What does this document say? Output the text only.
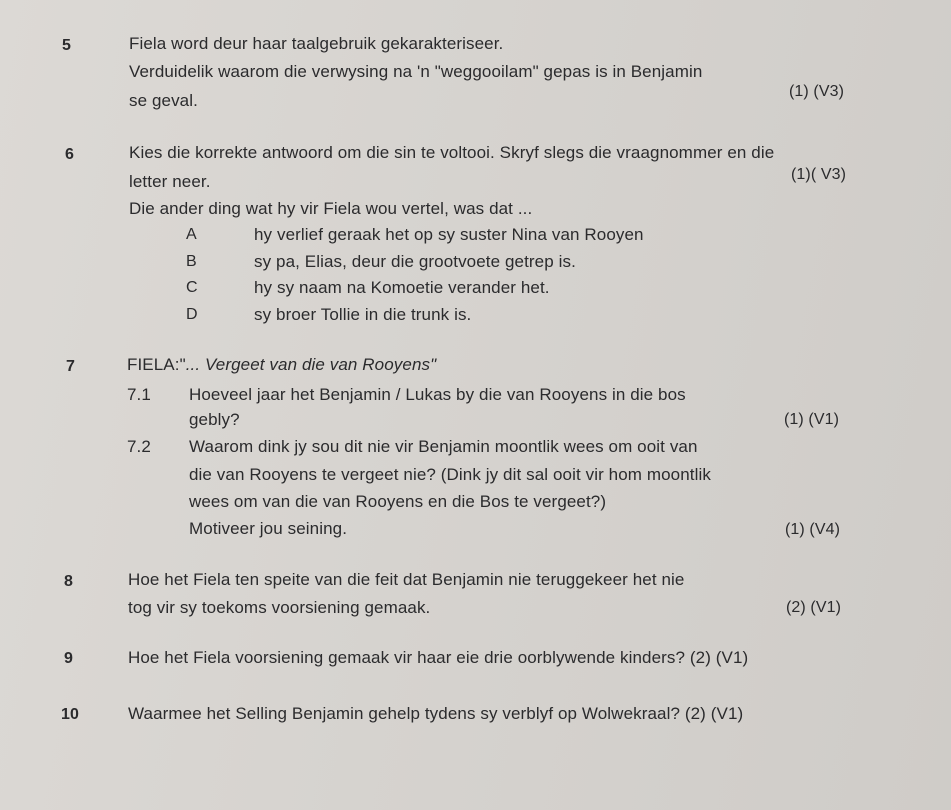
5	Fiela word deur haar taalgebruik gekarakteriseer.
Verduidelik waarom die verwysing na 'n "weggooilam" gepas is in Benjamin
se geval.	(1) (V3)
6	Kies die korrekte antwoord om die sin te voltooi. Skryf slegs die vraagnommer en die
letter neer.	(1)( V3)
Die ander ding wat hy vir Fiela wou vertel, was dat ...
A	hy verlief geraak het op sy suster Nina van Rooyen
B	sy pa, Elias, deur die grootvoete getrep is.
C	hy sy naam na Komoetie verander het.
D	sy broer Tollie in die trunk is.
7	FIELA:"... Vergeet van die van Rooyens"
7.1 Hoeveel jaar het Benjamin / Lukas by die van Rooyens in die bos
gebly?	(1) (V1)
7.2 Waarom dink jy sou dit nie vir Benjamin moontlik wees om ooit van
die van Rooyens te vergeet nie? (Dink jy dit sal ooit vir hom moontlik
wees om van die van Rooyens en die Bos te vergeet?)
Motiveer jou seining.	(1) (V4)
8	Hoe het Fiela ten speite van die feit dat Benjamin nie teruggekeer het nie
tog vir sy toekoms voorsiening gemaak.	(2) (V1)
9	Hoe het Fiela voorsiening gemaak vir haar eie drie oorblywende kinders? (2) (V1)
10	Waarmee het Selling Benjamin gehelp tydens sy verblyf op Wolwekraal? (2) (V1)
